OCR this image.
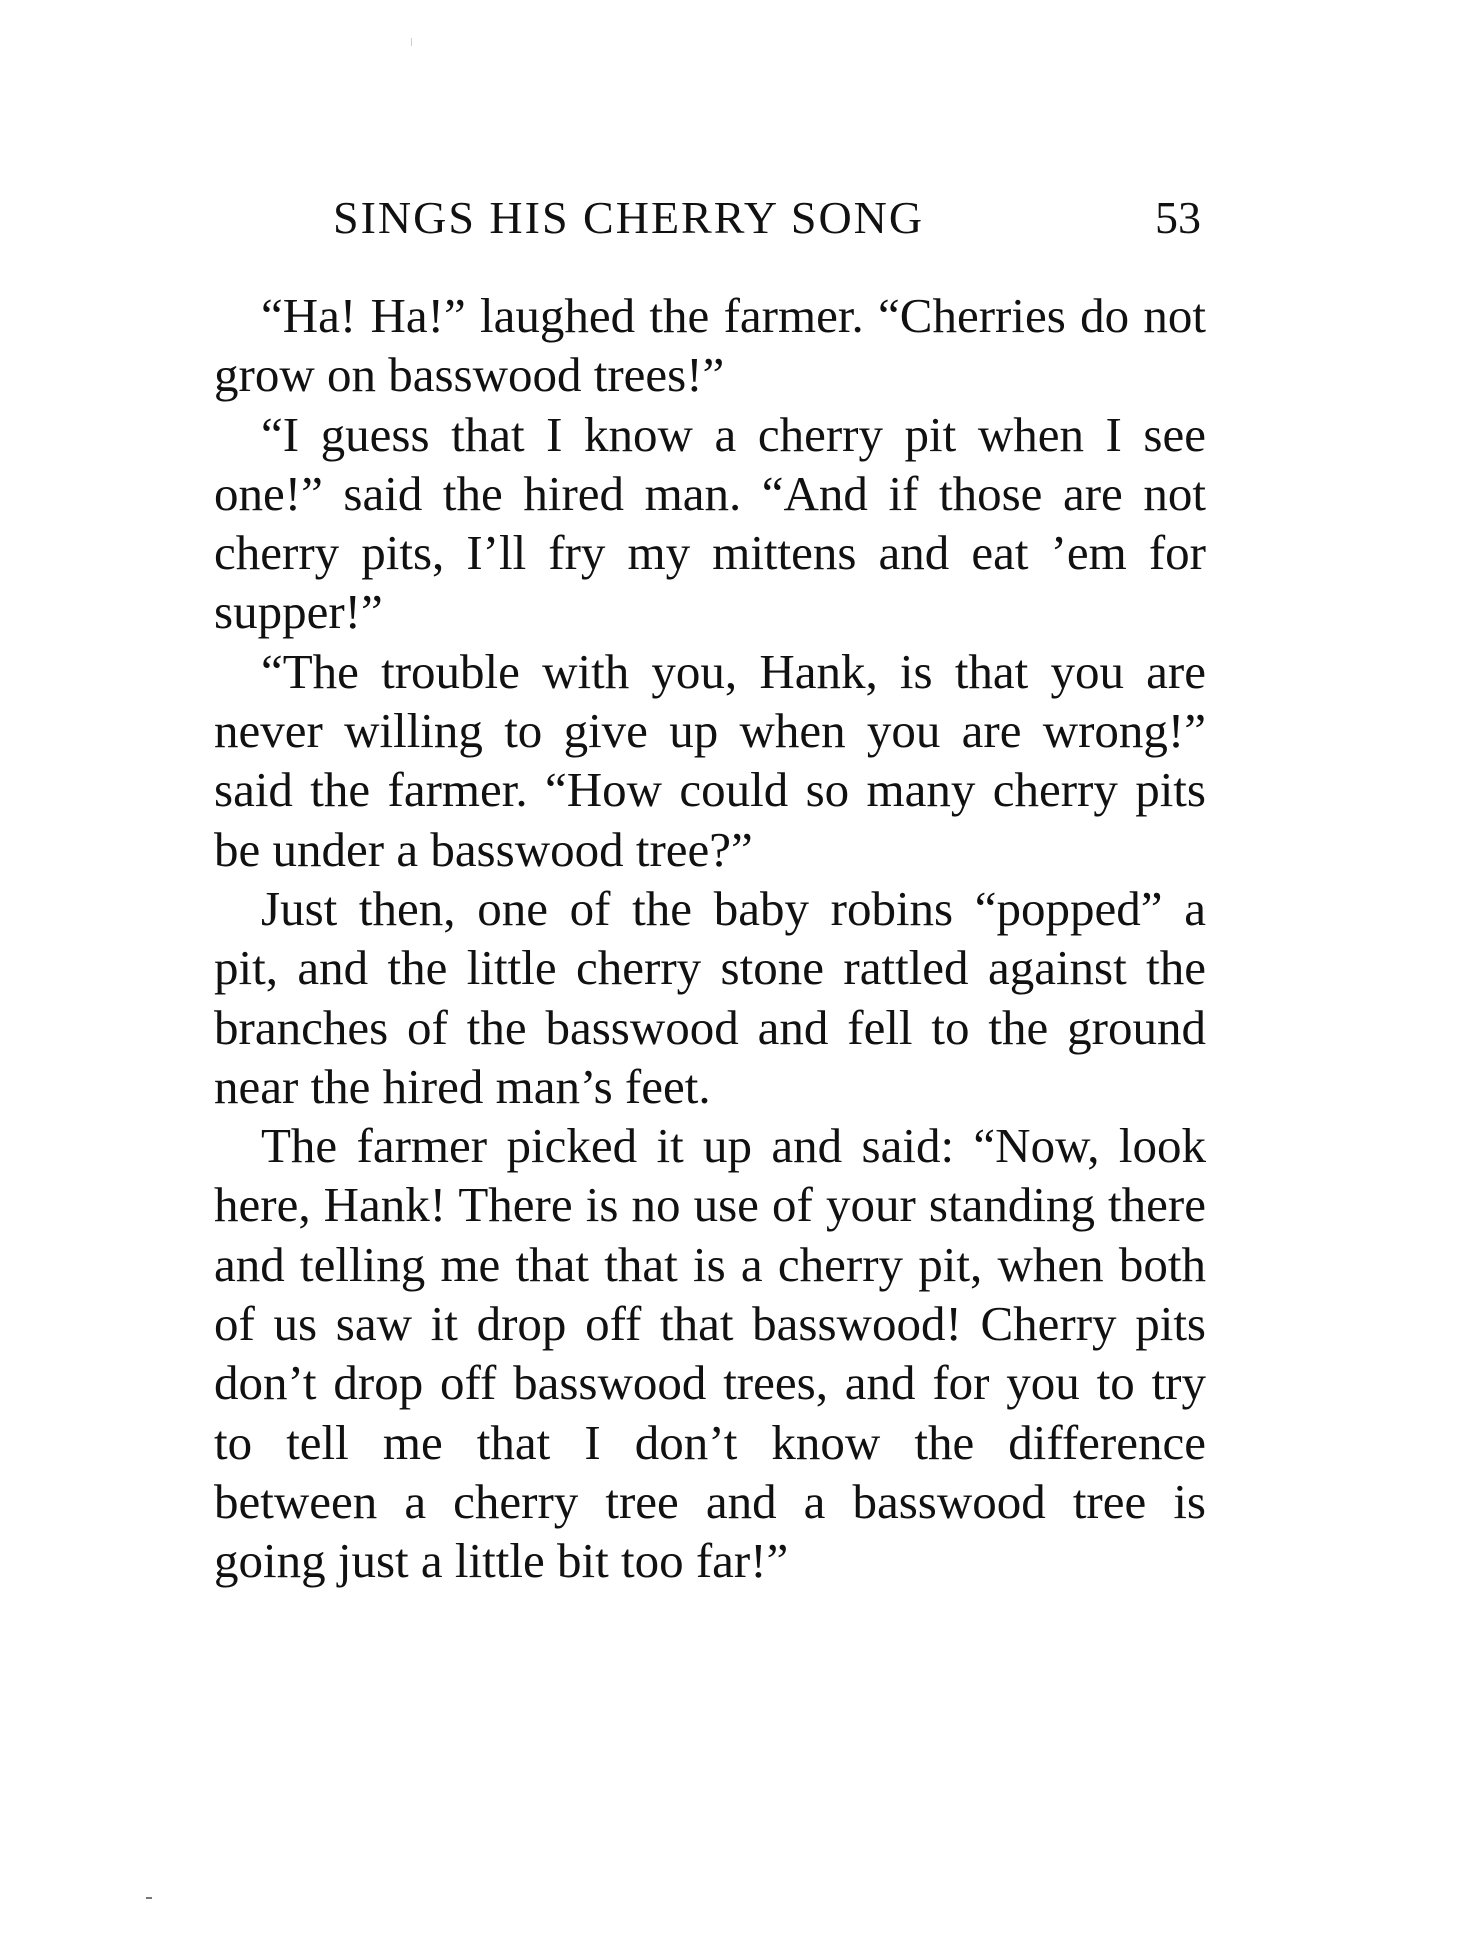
SINGS HIS CHERRY SONG	53

“Ha! Ha!” laughed the farmer. “Cherries do not grow on basswood trees!”

“I guess that I know a cherry pit when I see one!” said the hired man. “And if those are not cherry pits, I’ll fry my mittens and eat ’em for supper!”

“The trouble with you, Hank, is that you are never willing to give up when you are wrong!” said the farmer. “How could so many cherry pits be under a basswood tree?”

Just then, one of the baby robins “popped” a pit, and the little cherry stone rattled against the branches of the basswood and fell to the ground near the hired man’s feet.

The farmer picked it up and said: “Now, look here, Hank! There is no use of your standing there and telling me that that is a cherry pit, when both of us saw it drop off that basswood! Cherry pits don’t drop off basswood trees, and for you to try to tell me that I don’t know the difference between a cherry tree and a basswood tree is going just a little bit too far!”
